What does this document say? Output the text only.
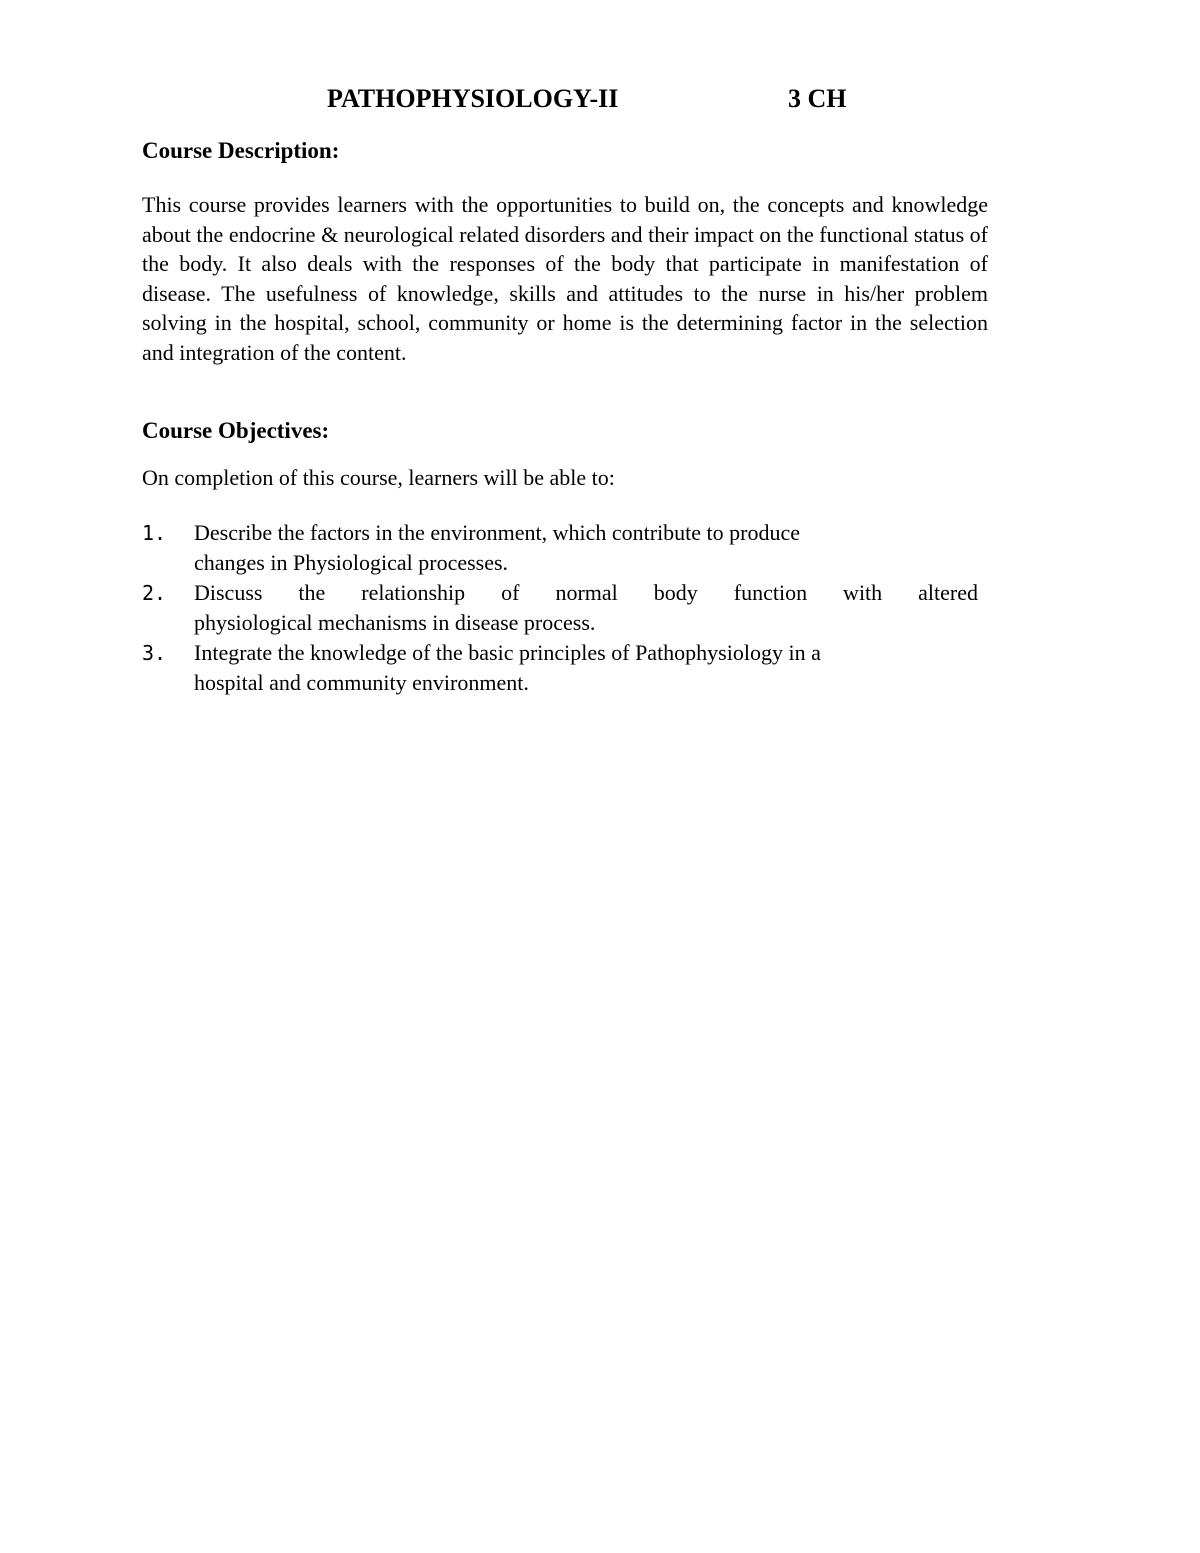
PATHOPHYSIOLOGY-II	3 CH
Course Description:

This course provides learners with the opportunities to build on, the concepts and knowledge about the endocrine & neurological related disorders and their impact on the functional status of the body. It also deals with the responses of the body that participate in manifestation of disease. The usefulness of knowledge, skills and attitudes to the nurse in his/her problem solving in the hospital, school, community or home is the determining factor in the selection and integration of the content.

Course Objectives:
On completion of this course, learners will be able to:
1. Describe the factors in the environment, which contribute to produce
changes in Physiological processes.
2. Discuss the relationship of normal body function with altered
physiological mechanisms in disease process.
3. Integrate the knowledge of the basic principles of Pathophysiology in a
hospital and community environment.
